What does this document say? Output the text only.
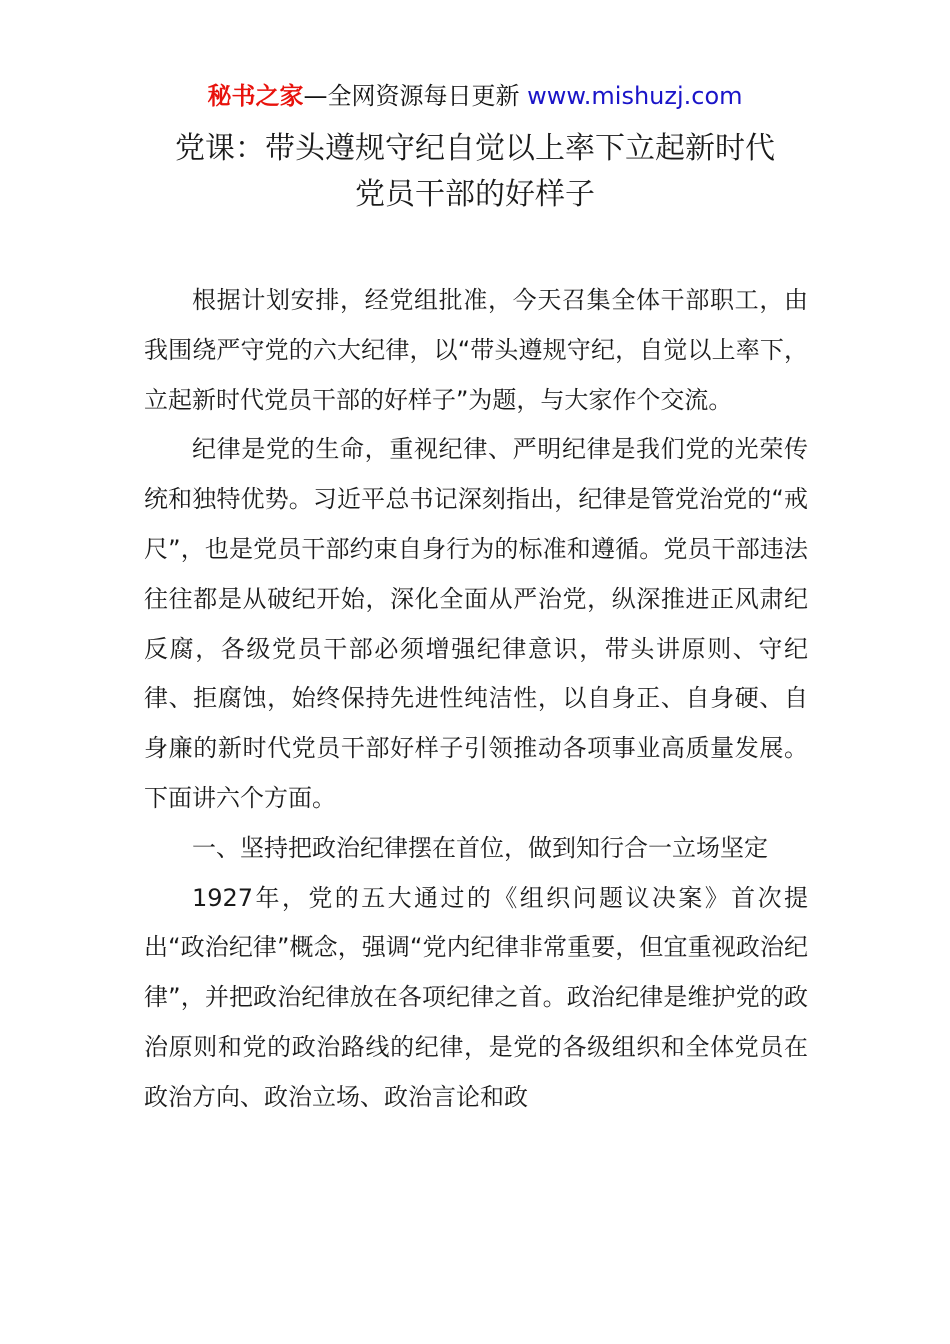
秘书之家—全网资源每日更新 www.mishuzj.com
党课：带头遵规守纪自觉以上率下立起新时代
党员干部的好样子

根据计划安排，经党组批准，今天召集全体干部职工，由我围绕严守党的六大纪律，以“带头遵规守纪，自觉以上率下，立起新时代党员干部的好样子”为题，与大家作个交流。

纪律是党的生命，重视纪律、严明纪律是我们党的光荣传统和独特优势。习近平总书记深刻指出，纪律是管党治党的“戒尺”，也是党员干部约束自身行为的标准和遵循。党员干部违法往往都是从破纪开始，深化全面从严治党，纵深推进正风肃纪反腐，各级党员干部必须增强纪律意识，带头讲原则、守纪律、拒腐蚀，始终保持先进性纯洁性，以自身正、自身硬、自身廉的新时代党员干部好样子引领推动各项事业高质量发展。下面讲六个方面。

一、坚持把政治纪律摆在首位，做到知行合一立场坚定

1927年，党的五大通过的《组织问题议决案》首次提出“政治纪律”概念，强调“党内纪律非常重要，但宜重视政治纪律”，并把政治纪律放在各项纪律之首。政治纪律是维护党的政治原则和党的政治路线的纪律，是党的各级组织和全体党员在政治方向、政治立场、政治言论和政
